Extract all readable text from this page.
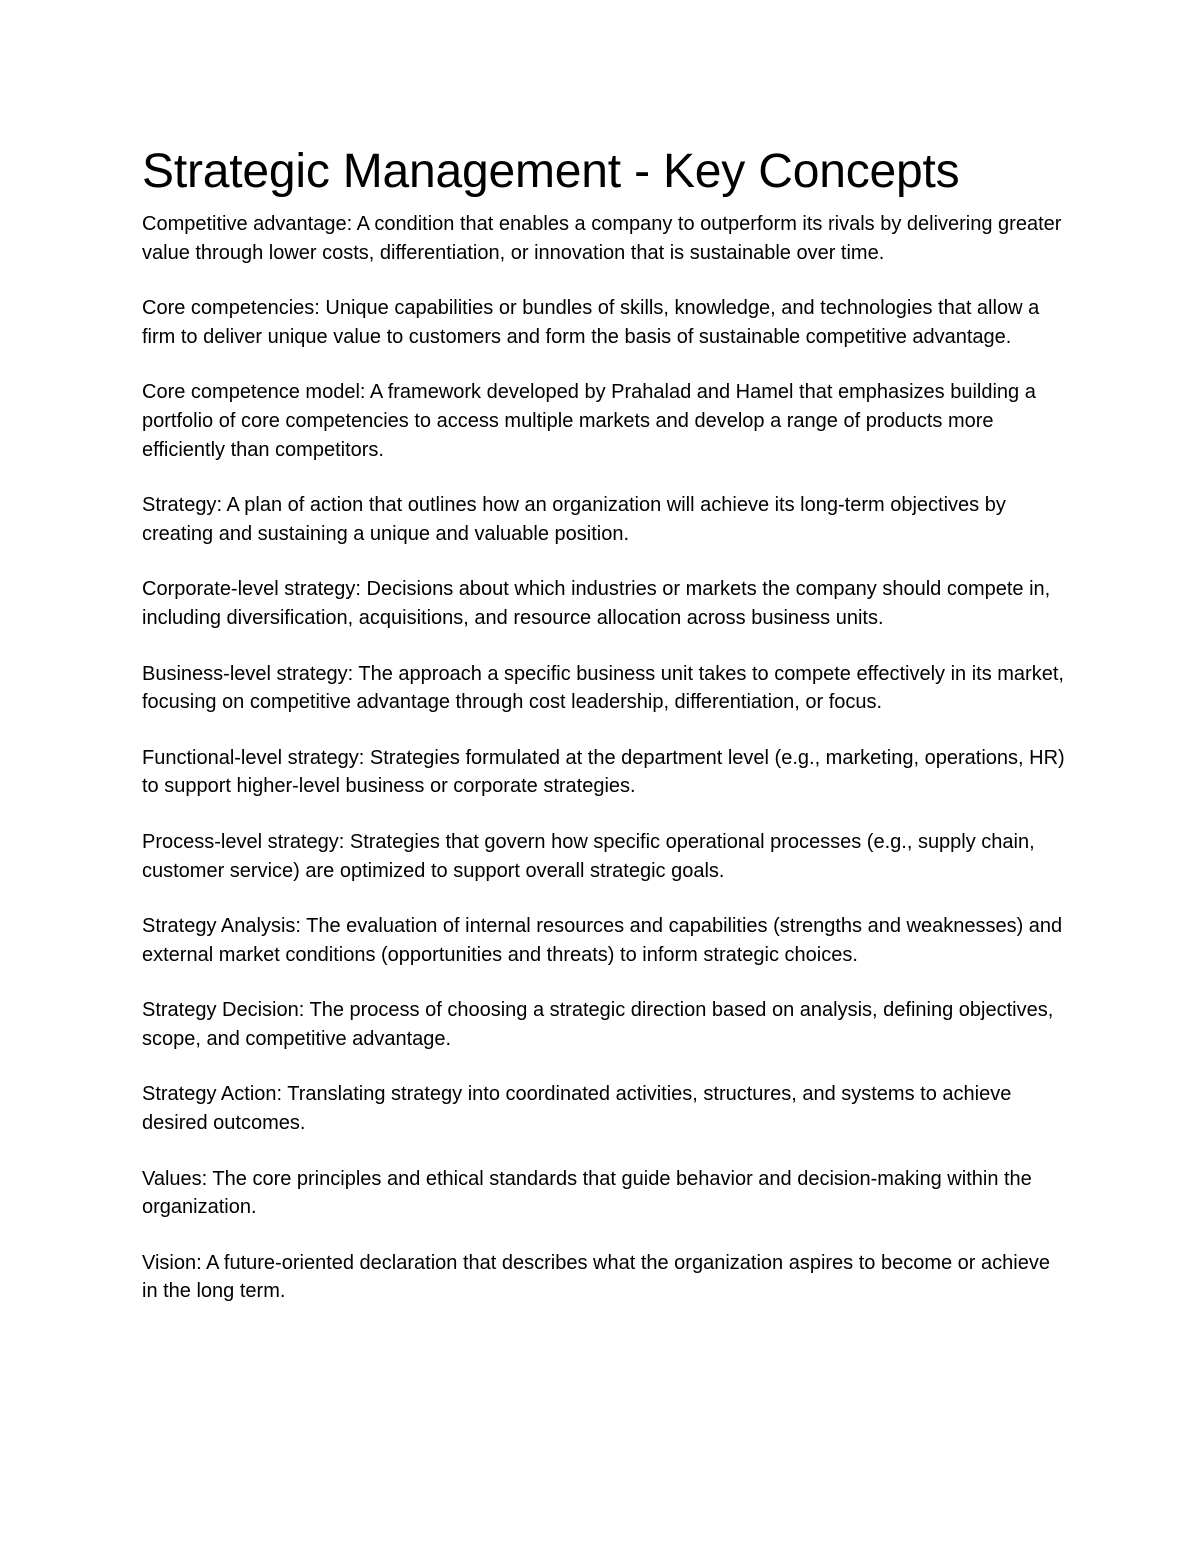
Strategic Management - Key Concepts

Competitive advantage: A condition that enables a company to outperform its rivals by delivering greater value through lower costs, differentiation, or innovation that is sustainable over time.

Core competencies: Unique capabilities or bundles of skills, knowledge, and technologies that allow a firm to deliver unique value to customers and form the basis of sustainable competitive advantage.

Core competence model: A framework developed by Prahalad and Hamel that emphasizes building a portfolio of core competencies to access multiple markets and develop a range of products more efficiently than competitors.

Strategy: A plan of action that outlines how an organization will achieve its long-term objectives by creating and sustaining a unique and valuable position.

Corporate-level strategy: Decisions about which industries or markets the company should compete in, including diversification, acquisitions, and resource allocation across business units.

Business-level strategy: The approach a specific business unit takes to compete effectively in its market, focusing on competitive advantage through cost leadership, differentiation, or focus.

Functional-level strategy: Strategies formulated at the department level (e.g., marketing, operations, HR) to support higher-level business or corporate strategies.

Process-level strategy: Strategies that govern how specific operational processes (e.g., supply chain, customer service) are optimized to support overall strategic goals.

Strategy Analysis: The evaluation of internal resources and capabilities (strengths and weaknesses) and external market conditions (opportunities and threats) to inform strategic choices.

Strategy Decision: The process of choosing a strategic direction based on analysis, defining objectives, scope, and competitive advantage.

Strategy Action: Translating strategy into coordinated activities, structures, and systems to achieve desired outcomes.

Values: The core principles and ethical standards that guide behavior and decision-making within the organization.

Vision: A future-oriented declaration that describes what the organization aspires to become or achieve in the long term.
